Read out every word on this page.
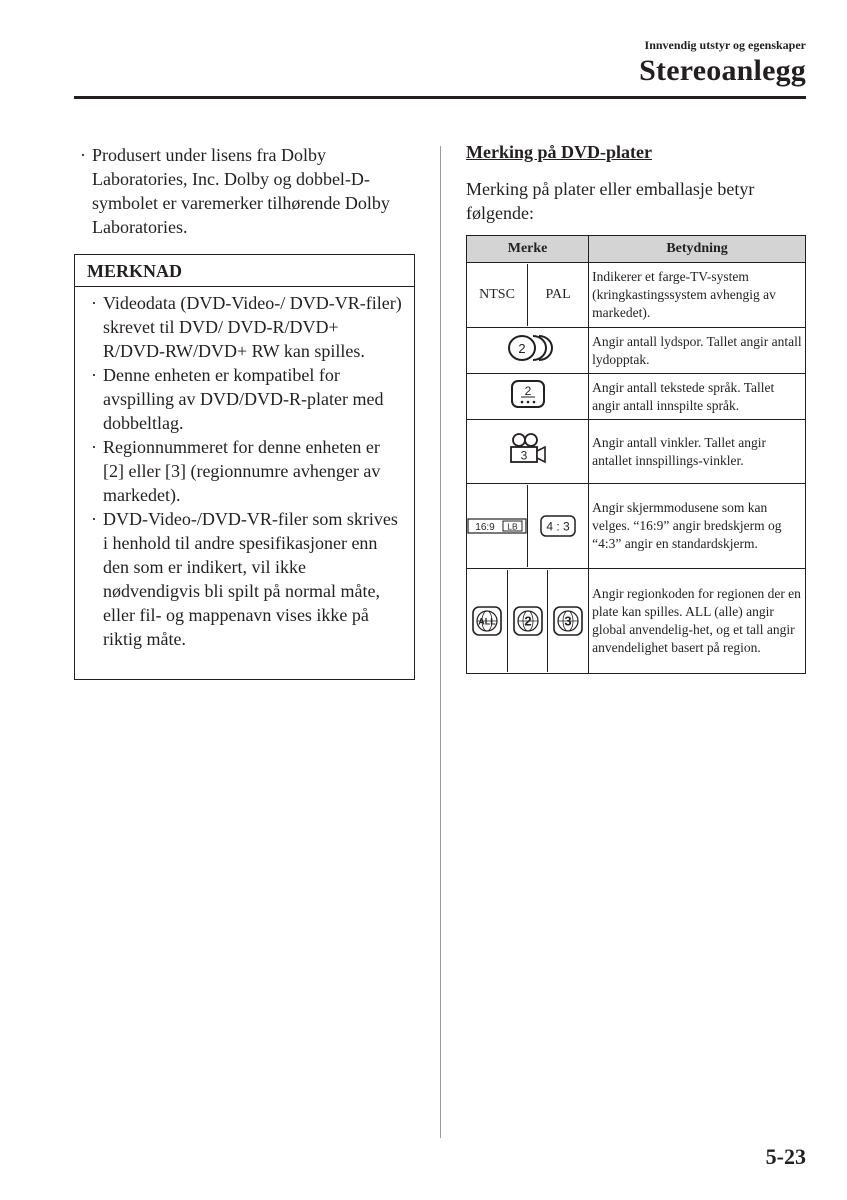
Innvendig utstyr og egenskaper
Stereoanlegg
· Produsert under lisens fra Dolby Laboratories, Inc. Dolby og dobbel-D-symbolet er varemerker tilhørende Dolby Laboratories.
MERKNAD
· Videodata (DVD-Video-/ DVD-VR-filer) skrevet til DVD/ DVD-R/DVD+ R/DVD-RW/DVD+ RW kan spilles.
· Denne enheten er kompatibel for avspilling av DVD/DVD-R-plater med dobbeltlag.
· Regionnummeret for denne enheten er [2] eller [3] (regionnumre avhenger av markedet).
· DVD-Video-/DVD-VR-filer som skrives i henhold til andre spesifikasjoner enn den som er indikert, vil ikke nødvendigvis bli spilt på normal måte, eller fil- og mappenavn vises ikke på riktig måte.
Merking på DVD-plater
Merking på plater eller emballasje betyr følgende:
Merke	Betydning

NTSC PAL	Indikerer et farge-TV-system (kringkastingssystem avhengig av markedet).

2	Angir antall lydspor. Tallet angir antall lydopptak.

2	Angir antall tekstede språk. Tallet angir antall innspilte språk.

3	Angir antall vinkler. Tallet angir antallet innspillings-vinkler.

16:9 LB 4 : 3	Angir skjermmodusene som kan velges. “16:9” angir bredskjerm og “4:3” angir en standardskjerm.

ALL 2 3	Angir regionkoden for regionen der en plate kan spilles. ALL (alle) angir global anvendelig-het, og et tall angir anvendelighet basert på region.
5-23
